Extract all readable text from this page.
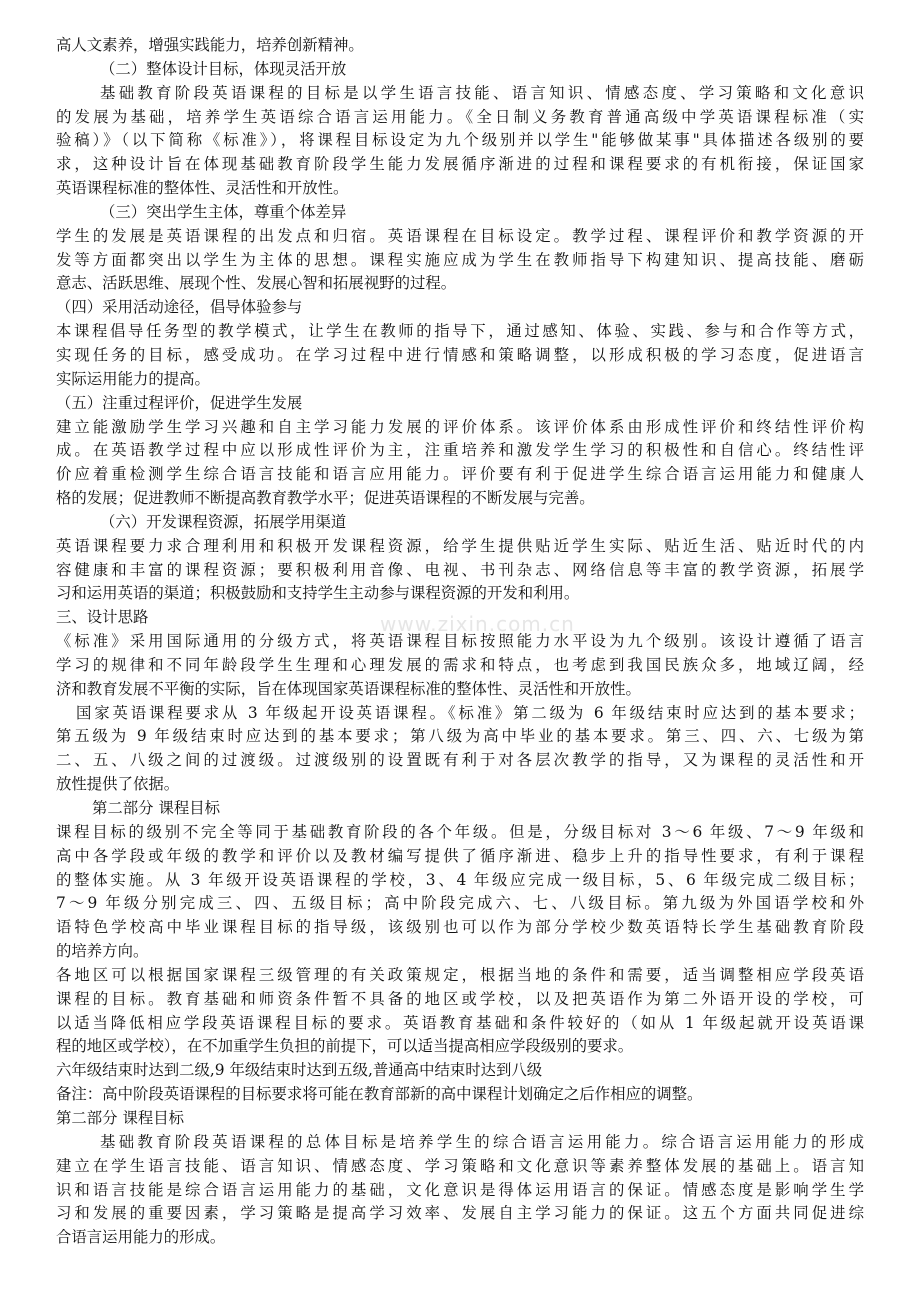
www.zixin.com.cn
高人文素养，增强实践能力，培养创新精神。
（二）整体设计目标，体现灵活开放
基础教育阶段英语课程的目标是以学生语言技能、语言知识、情感态度、学习策略和文化意识
的发展为基础，培养学生英语综合语言运用能力。《全日制义务教育普通高级中学英语课程标准（实
验稿）》（以下简称《标准》），将课程目标设定为九个级别并以学生"能够做某事"具体描述各级别的要
求，这种设计旨在体现基础教育阶段学生能力发展循序渐进的过程和课程要求的有机衔接，保证国家
英语课程标准的整体性、灵活性和开放性。
（三）突出学生主体，尊重个体差异
学生的发展是英语课程的出发点和归宿。英语课程在目标设定。教学过程、课程评价和教学资源的开
发等方面都突出以学生为主体的思想。课程实施应成为学生在教师指导下构建知识、提高技能、磨砺
意志、活跃思维、展现个性、发展心智和拓展视野的过程。
（四）采用活动途径，倡导体验参与
本课程倡导任务型的教学模式，让学生在教师的指导下，通过感知、体验、实践、参与和合作等方式，
实现任务的目标，感受成功。在学习过程中进行情感和策略调整，以形成积极的学习态度，促进语言
实际运用能力的提高。
（五）注重过程评价，促进学生发展
建立能激励学生学习兴趣和自主学习能力发展的评价体系。该评价体系由形成性评价和终结性评价构
成。在英语教学过程中应以形成性评价为主，注重培养和激发学生学习的积极性和自信心。终结性评
价应着重检测学生综合语言技能和语言应用能力。评价要有利于促进学生综合语言运用能力和健康人
格的发展；促进教师不断提高教育教学水平；促进英语课程的不断发展与完善。
（六）开发课程资源，拓展学用渠道
英语课程要力求合理利用和积极开发课程资源，给学生提供贴近学生实际、贴近生活、贴近时代的内
容健康和丰富的课程资源；要积极利用音像、电视、书刊杂志、网络信息等丰富的教学资源，拓展学
习和运用英语的渠道；积极鼓励和支持学生主动参与课程资源的开发和利用。
三、设计思路
《标准》采用国际通用的分级方式，将英语课程目标按照能力水平设为九个级别。该设计遵循了语言
学习的规律和不同年龄段学生生理和心理发展的需求和特点，也考虑到我国民族众多，地域辽阔，经
济和教育发展不平衡的实际，旨在体现国家英语课程标准的整体性、灵活性和开放性。
国家英语课程要求从 3 年级起开设英语课程。《标准》第二级为 6 年级结束时应达到的基本要求；
第五级为 9 年级结束时应达到的基本要求；第八级为高中毕业的基本要求。第三、四、六、七级为第
二、五、八级之间的过渡级。过渡级别的设置既有利于对各层次教学的指导，又为课程的灵活性和开
放性提供了依据。
第二部分 课程目标
课程目标的级别不完全等同于基础教育阶段的各个年级。但是，分级目标对 3～6 年级、7～9 年级和
高中各学段或年级的教学和评价以及教材编写提供了循序渐进、稳步上升的指导性要求，有利于课程
的整体实施。从 3 年级开设英语课程的学校，3、4 年级应完成一级目标，5、6 年级完成二级目标；
7～9 年级分别完成三、四、五级目标；高中阶段完成六、七、八级目标。第九级为外国语学校和外
语特色学校高中毕业课程目标的指导级，该级别也可以作为部分学校少数英语特长学生基础教育阶段
的培养方向。
各地区可以根据国家课程三级管理的有关政策规定，根据当地的条件和需要，适当调整相应学段英语
课程的目标。教育基础和师资条件暂不具备的地区或学校，以及把英语作为第二外语开设的学校，可
以适当降低相应学段英语课程目标的要求。英语教育基础和条件较好的（如从 1 年级起就开设英语课
程的地区或学校），在不加重学生负担的前提下，可以适当提高相应学段级别的要求。
六年级结束时达到二级,9 年级结束时达到五级,普通高中结束时达到八级
备注：高中阶段英语课程的目标要求将可能在教育部新的高中课程计划确定之后作相应的调整。
第二部分 课程目标
基础教育阶段英语课程的总体目标是培养学生的综合语言运用能力。综合语言运用能力的形成
建立在学生语言技能、语言知识、情感态度、学习策略和文化意识等素养整体发展的基础上。语言知
识和语言技能是综合语言运用能力的基础，文化意识是得体运用语言的保证。情感态度是影响学生学
习和发展的重要因素，学习策略是提高学习效率、发展自主学习能力的保证。这五个方面共同促进综
合语言运用能力的形成。
